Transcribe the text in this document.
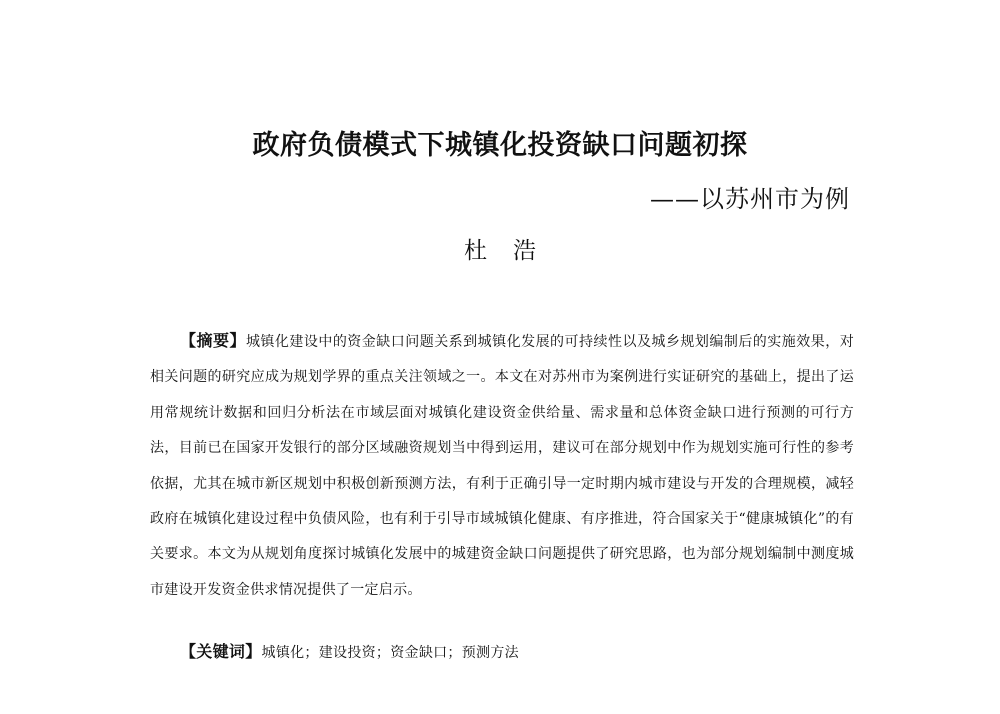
政府负债模式下城镇化投资缺口问题初探
——以苏州市为例
杜浩
【摘要】城镇化建设中的资金缺口问题关系到城镇化发展的可持续性以及城乡规划编制后的实施效果，对相关问题的研究应成为规划学界的重点关注领域之一。本文在对苏州市为案例进行实证研究的基础上，提出了运用常规统计数据和回归分析法在市域层面对城镇化建设资金供给量、需求量和总体资金缺口进行预测的可行方法，目前已在国家开发银行的部分区域融资规划当中得到运用，建议可在部分规划中作为规划实施可行性的参考依据，尤其在城市新区规划中积极创新预测方法，有利于正确引导一定时期内城市建设与开发的合理规模，减轻政府在城镇化建设过程中负债风险，也有利于引导市域城镇化健康、有序推进，符合国家关于“健康城镇化”的有关要求。本文为从规划角度探讨城镇化发展中的城建资金缺口问题提供了研究思路，也为部分规划编制中测度城市建设开发资金供求情况提供了一定启示。
【关键词】城镇化；建设投资；资金缺口；预测方法
